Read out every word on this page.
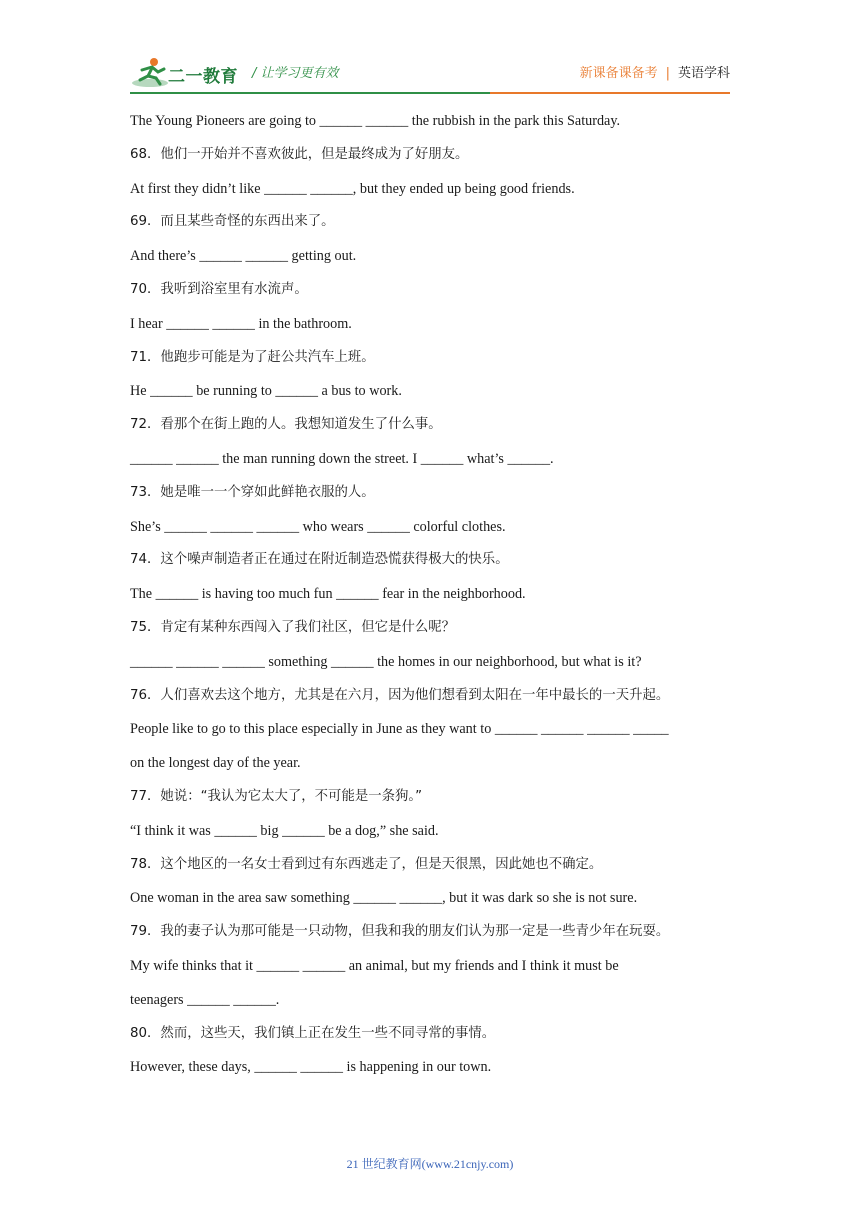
二一教育 / 让学习更有效	新课备课备考 | 英语学科
The Young Pioneers are going to ______ ______ the rubbish in the park this Saturday.
68．他们一开始并不喜欢彼此，但是最终成为了好朋友。
At first they didn’t like ______ ______, but they ended up being good friends.
69．而且某些奇怪的东西出来了。
And there’s ______ ______ getting out.
70．我听到浴室里有水流声。
I hear ______ ______ in the bathroom.
71．他跑步可能是为了赶公共汽车上班。
He ______ be running to ______ a bus to work.
72．看那个在街上跑的人。我想知道发生了什么事。
______ ______ the man running down the street. I ______ what’s ______.
73．她是唯一一个穿如此鲜艳衣服的人。
She’s ______ ______ ______ who wears ______ colorful clothes.
74．这个噪声制造者正在通过在附近制造恐慌获得极大的快乐。
The ______ is having too much fun ______ fear in the neighborhood.
75．肯定有某种东西闯入了我们社区，但它是什么呢？
______ ______ ______ something ______ the homes in our neighborhood, but what is it?
76．人们喜欢去这个地方，尤其是在六月，因为他们想看到太阳在一年中最长的一天升起。
People like to go to this place especially in June as they want to ______ ______ ______ _____
on the longest day of the year.
77．她说：“我认为它太大了，不可能是一条狗。”
“I think it was ______ big ______ be a dog,” she said.
78．这个地区的一名女士看到过有东西逃走了，但是天很黑，因此她也不确定。
One woman in the area saw something ______ ______, but it was dark so she is not sure.
79．我的妻子认为那可能是一只动物，但我和我的朋友们认为那一定是一些青少年在玩耍。
My wife thinks that it ______ ______ an animal, but my friends and I think it must be
teenagers ______ ______.
80．然而，这些天，我们镇上正在发生一些不同寻常的事情。
However, these days, ______ ______ is happening in our town.
21 世纪教育网(www.21cnjy.com)
